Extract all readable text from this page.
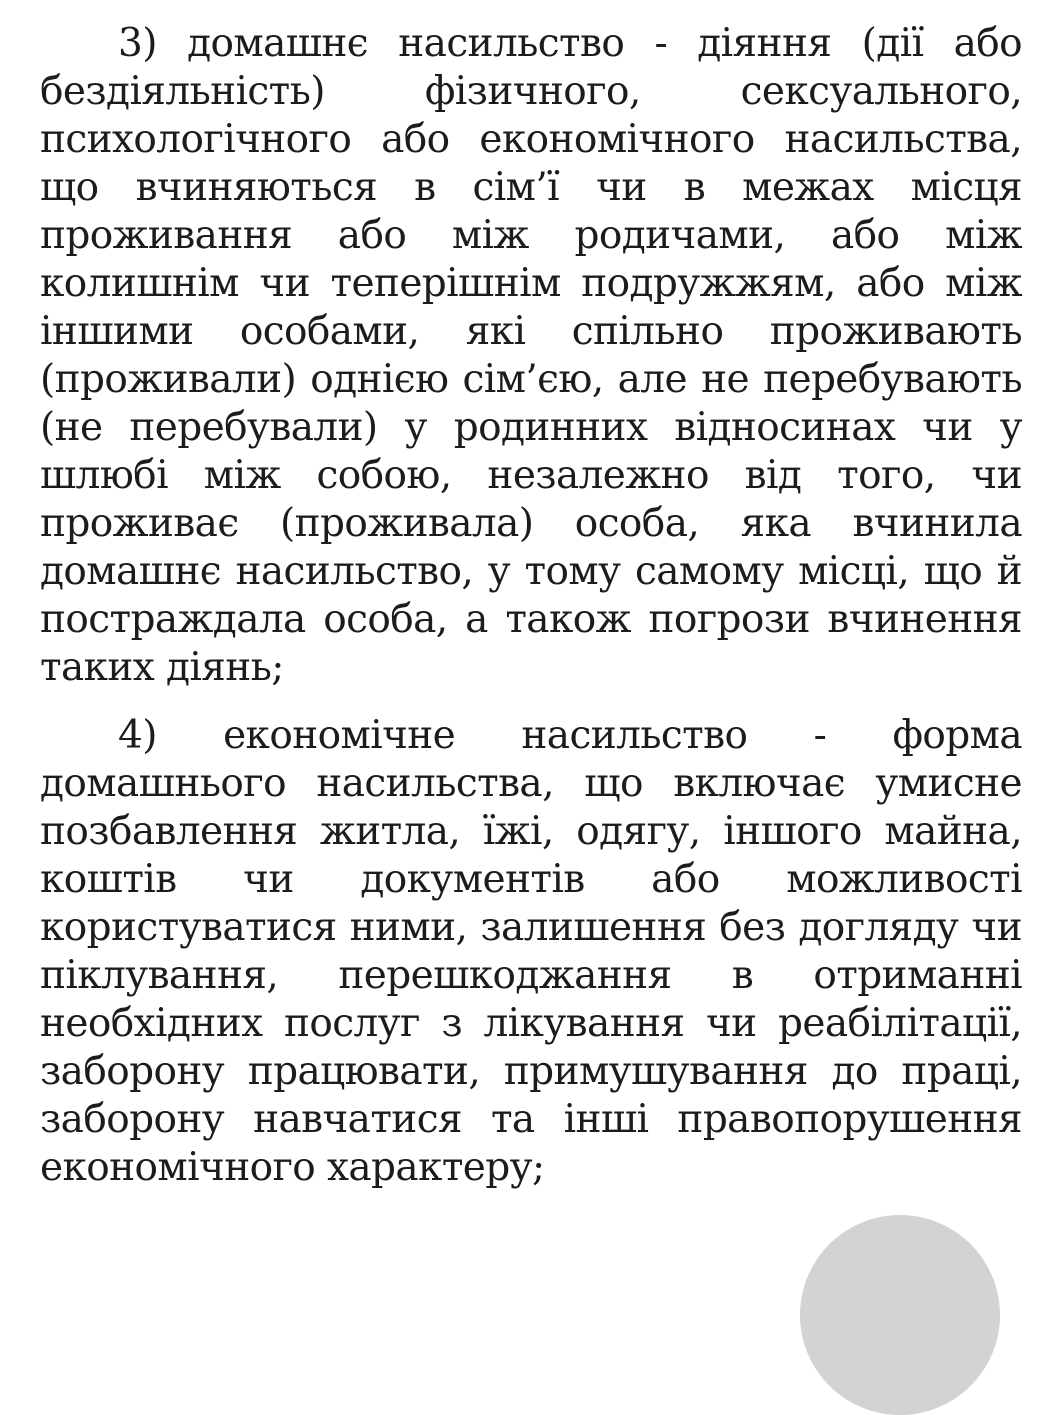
3) домашнє насильство - діяння (дії або бездіяльність) фізичного, сексуального, психологічного або економічного насильства, що вчиняються в сім’ї чи в межах місця проживання або між родичами, або між колишнім чи теперішнім подружжям, або між іншими особами, які спільно проживають (проживали) однією сім’єю, але не перебувають (не перебували) у родинних відносинах чи у шлюбі між собою, незалежно від того, чи проживає (проживала) особа, яка вчинила домашнє насильство, у тому самому місці, що й постраждала особа, а також погрози вчинення таких діянь;

4) економічне насильство - форма домашнього насильства, що включає умисне позбавлення житла, їжі, одягу, іншого майна, коштів чи документів або можливості користуватися ними, залишення без догляду чи піклування, перешкоджання в отриманні необхідних послуг з лікування чи реабілітації, заборону працювати, примушування до праці, заборону навчатися та інші правопорушення економічного характеру;
